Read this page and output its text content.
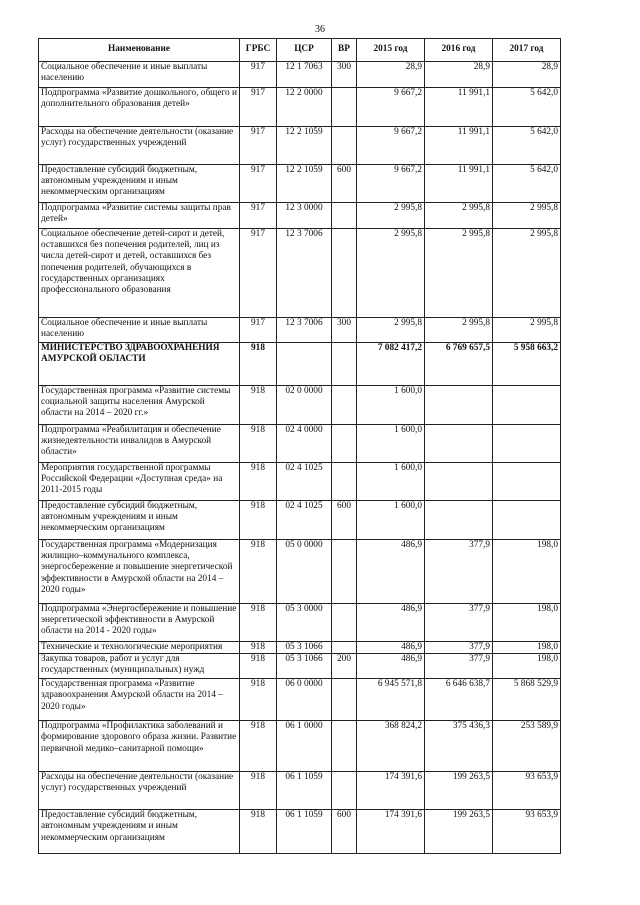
36
Наименование	ГРБС	ЦСР	ВР	2015 год	2016 год	2017 год
Социальное обеспечение и иные выплаты населению	917	12 1 7063	300	28,9	28,9	28,9
Подпрограмма «Развитие дошкольного, общего и дополнительного образования детей»	917	12 2 0000		9 667,2	11 991,1	5 642,0
Расходы на обеспечение деятельности (оказание услуг) государственных учреждений	917	12 2 1059		9 667,2	11 991,1	5 642,0
Предоставление субсидий бюджетным, автономным учреждениям и иным некоммерческим организациям	917	12 2 1059	600	9 667,2	11 991,1	5 642,0
Подпрограмма «Развитие системы защиты прав детей»	917	12 3 0000		2 995,8	2 995,8	2 995,8
Социальное обеспечение детей-сирот и детей, оставшихся без попечения родителей, лиц из числа детей-сирот и детей, оставшихся без попечения родителей, обучающихся в государственных организациях профессионального образования	917	12 3 7006		2 995,8	2 995,8	2 995,8
Социальное обеспечение и иные выплаты населению	917	12 3 7006	300	2 995,8	2 995,8	2 995,8
МИНИСТЕРСТВО ЗДРАВООХРАНЕНИЯ АМУРСКОЙ ОБЛАСТИ	918			7 082 417,2	6 769 657,5	5 958 663,2
Государственная программа «Развитие системы социальной защиты населения Амурской области на 2014 – 2020 гг.»	918	02 0 0000		1 600,0		
Подпрограмма «Реабилитация и обеспечение жизнедеятельности инвалидов в Амурской области»	918	02 4 0000		1 600,0		
Мероприятия государственной программы Российской Федерации «Доступная среда» на 2011-2015 годы	918	02 4 1025		1 600,0		
Предоставление субсидий бюджетным, автономным учреждениям и иным некоммерческим организациям	918	02 4 1025	600	1 600,0		
Государственная программа «Модернизация жилищно–коммунального комплекса, энергосбережение и повышение энергетической эффективности в Амурской области на 2014 – 2020 годы»	918	05 0 0000		486,9	377,9	198,0
Подпрограмма «Энергосбережение и повышение энергетической эффективности в Амурской области на 2014 - 2020 годы»	918	05 3 0000		486,9	377,9	198,0
Технические и технологические мероприятия	918	05 3 1066		486,9	377,9	198,0
Закупка товаров, работ и услуг для государственных (муниципальных) нужд	918	05 3 1066	200	486,9	377,9	198,0
Государственная программа «Развитие здравоохранения Амурской области на 2014 – 2020 годы»	918	06 0 0000		6 945 571,8	6 646 638,7	5 868 529,9
Подпрограмма «Профилактика заболеваний и формирование здорового образа жизни. Развитие первичной медико–санитарной помощи»	918	06 1 0000		368 824,2	375 436,3	253 589,9
Расходы на обеспечение деятельности (оказание услуг) государственных учреждений	918	06 1 1059		174 391,6	199 263,5	93 653,9
Предоставление субсидий бюджетным, автономным учреждениям и иным некоммерческим организациям	918	06 1 1059	600	174 391,6	199 263,5	93 653,9
